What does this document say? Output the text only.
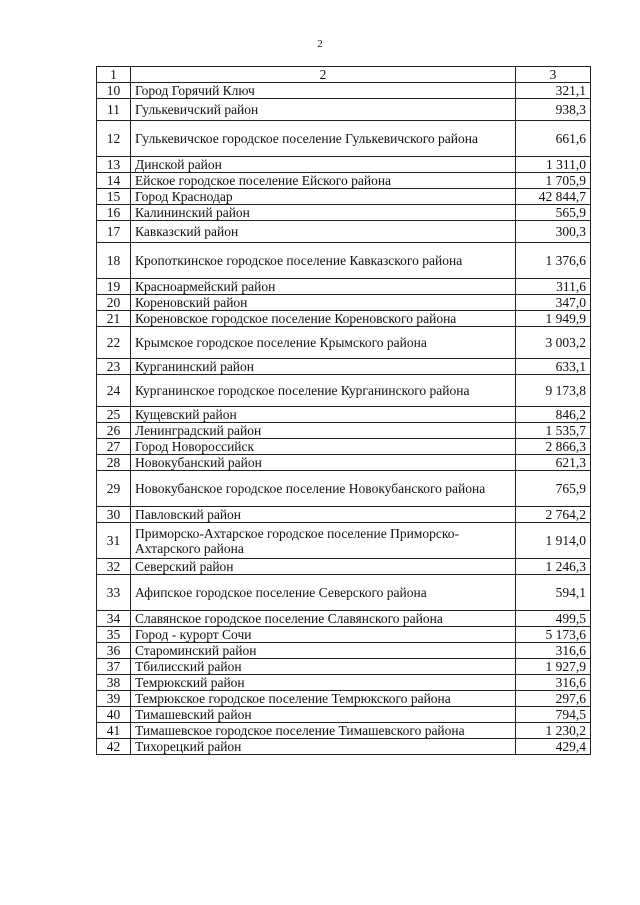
2
1	2	3
10	Город Горячий Ключ	321,1
11	Гулькевичский район	938,3
12	Гулькевичское городское поселение Гулькевичского района	661,6
13	Динской район	1 311,0
14	Ейское городское поселение Ейского района	1 705,9
15	Город Краснодар	42 844,7
16	Калининский район	565,9
17	Кавказский район	300,3
18	Кропоткинское городское поселение Кавказского района	1 376,6
19	Красноармейский район	311,6
20	Кореновский район	347,0
21	Кореновское городское поселение Кореновского района	1 949,9
22	Крымское городское поселение Крымского района	3 003,2
23	Курганинский район	633,1
24	Курганинское городское поселение Курганинского района	9 173,8
25	Кущевский район	846,2
26	Ленинградский район	1 535,7
27	Город Новороссийск	2 866,3
28	Новокубанский район	621,3
29	Новокубанское городское поселение Новокубанского района	765,9
30	Павловский район	2 764,2
31	Приморско-Ахтарское городское поселение Приморско-Ахтарского района	1 914,0
32	Северский район	1 246,3
33	Афипское городское поселение Северского района	594,1
34	Славянское городское поселение Славянского района	499,5
35	Город - курорт Сочи	5 173,6
36	Староминский район	316,6
37	Тбилисский район	1 927,9
38	Темрюкский район	316,6
39	Темрюкское городское поселение Темрюкского района	297,6
40	Тимашевский район	794,5
41	Тимашевское городское поселение Тимашевского района	1 230,2
42	Тихорецкий район	429,4
